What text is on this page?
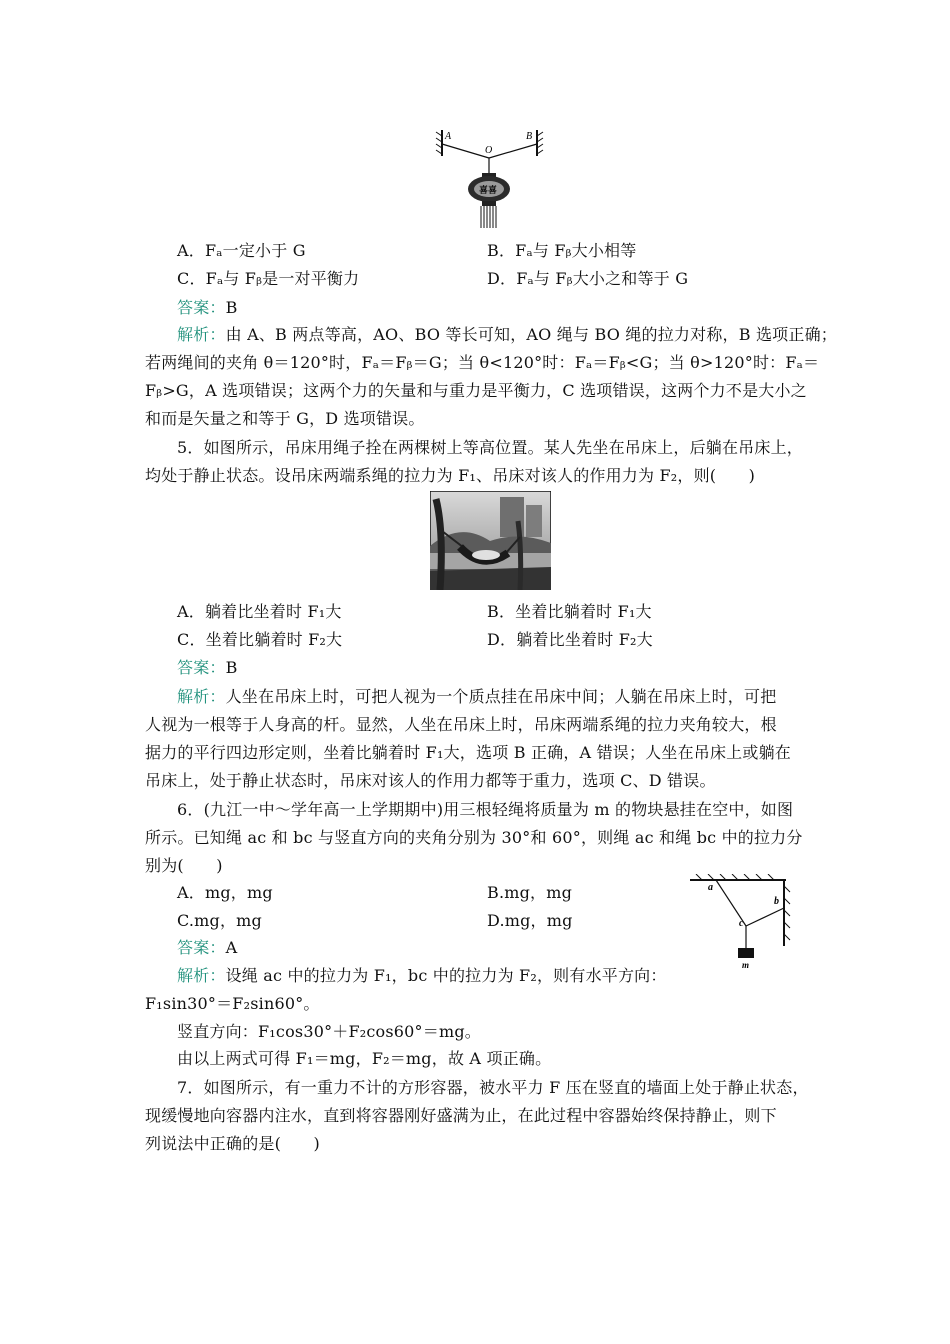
A
O
B
喜喜
A．Fₐ一定小于 G	B．Fₐ与 Fᵦ大小相等
C．Fₐ与 Fᵦ是一对平衡力	D．Fₐ与 Fᵦ大小之和等于 G
答案：B
解析：由 A、B 两点等高，AO、BO 等长可知，AO 绳与 BO 绳的拉力对称，B 选项正确；
若两绳间的夹角 θ＝120°时，Fₐ＝Fᵦ＝G；当 θ<120°时：Fₐ＝Fᵦ<G；当 θ>120°时：Fₐ＝
Fᵦ>G，A 选项错误；这两个力的矢量和与重力是平衡力，C 选项错误，这两个力不是大小之
和而是矢量之和等于 G，D 选项错误。
5．如图所示，吊床用绳子拴在两棵树上等高位置。某人先坐在吊床上，后躺在吊床上，
均处于静止状态。设吊床两端系绳的拉力为 F₁、吊床对该人的作用力为 F₂，则(　　)
A．躺着比坐着时 F₁大	B．坐着比躺着时 F₁大
C．坐着比躺着时 F₂大	D．躺着比坐着时 F₂大
答案：B
解析：人坐在吊床上时，可把人视为一个质点挂在吊床中间；人躺在吊床上时，可把
人视为一根等于人身高的杆。显然，人坐在吊床上时，吊床两端系绳的拉力夹角较大，根
据力的平行四边形定则，坐着比躺着时 F₁大，选项 B 正确，A 错误；人坐在吊床上或躺在
吊床上，处于静止状态时，吊床对该人的作用力都等于重力，选项 C、D 错误。
6．(九江一中～学年高一上学期期中)用三根轻绳将质量为 m 的物块悬挂在空中，如图
所示。已知绳 ac 和 bc 与竖直方向的夹角分别为 30°和 60°，则绳 ac 和绳 bc 中的拉力分
别为(　　)
A．mg，mg	B.mg，mg
C.mg，mg	D.mg，mg
a
b
c
m
答案：A
解析：设绳 ac 中的拉力为 F₁，bc 中的拉力为 F₂，则有水平方向：
F₁sin30°＝F₂sin60°。
竖直方向：F₁cos30°＋F₂cos60°＝mg。
由以上两式可得 F₁＝mg，F₂＝mg，故 A 项正确。
7．如图所示，有一重力不计的方形容器，被水平力 F 压在竖直的墙面上处于静止状态，
现缓慢地向容器内注水，直到将容器刚好盛满为止，在此过程中容器始终保持静止，则下
列说法中正确的是(　　)
